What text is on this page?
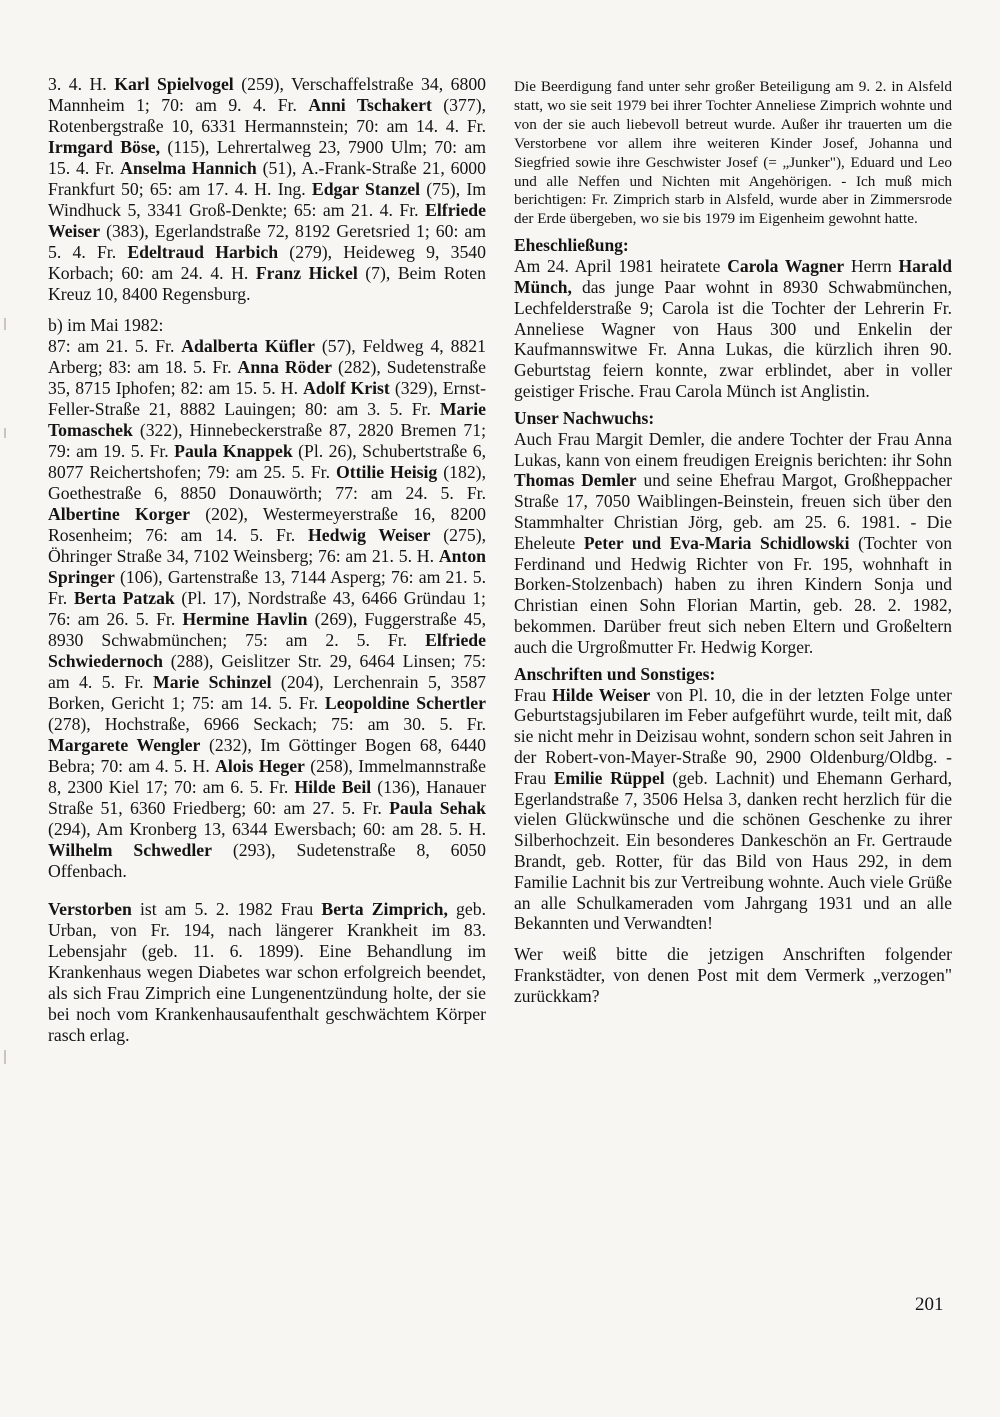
3. 4. H. Karl Spielvogel (259), Verschaffelstraße 34, 6800 Mannheim 1; 70: am 9. 4. Fr. Anni Tschakert (377), Rotenbergstraße 10, 6331 Hermannstein; 70: am 14. 4. Fr. Irmgard Böse, (115), Lehrertalweg 23, 7900 Ulm; 70: am 15. 4. Fr. Anselma Hannich (51), A.-Frank-Straße 21, 6000 Frankfurt 50; 65: am 17. 4. H. Ing. Edgar Stanzel (75), Im Windhuck 5, 3341 Groß-Denkte; 65: am 21. 4. Fr. Elfriede Weiser (383), Egerlandstraße 72, 8192 Geretsried 1; 60: am 5. 4. Fr. Edeltraud Harbich (279), Heideweg 9, 3540 Korbach; 60: am 24. 4. H. Franz Hickel (7), Beim Roten Kreuz 10, 8400 Regensburg.

b) im Mai 1982:

87: am 21. 5. Fr. Adalberta Küfler (57), Feldweg 4, 8821 Arberg; 83: am 18. 5. Fr. Anna Röder (282), Sudetenstraße 35, 8715 Iphofen; 82: am 15. 5. H. Adolf Krist (329), Ernst-Feller-Straße 21, 8882 Lauingen; 80: am 3. 5. Fr. Marie Tomaschek (322), Hinnebeckerstraße 87, 2820 Bremen 71; 79: am 19. 5. Fr. Paula Knappek (Pl. 26), Schubertstraße 6, 8077 Reichertshofen; 79: am 25. 5. Fr. Ottilie Heisig (182), Goethestraße 6, 8850 Donauwörth; 77: am 24. 5. Fr. Albertine Korger (202), Westermeyerstraße 16, 8200 Rosenheim; 76: am 14. 5. Fr. Hedwig Weiser (275), Öhringer Straße 34, 7102 Weinsberg; 76: am 21. 5. H. Anton Springer (106), Gartenstraße 13, 7144 Asperg; 76: am 21. 5. Fr. Berta Patzak (Pl. 17), Nordstraße 43, 6466 Gründau 1; 76: am 26. 5. Fr. Hermine Havlin (269), Fuggerstraße 45, 8930 Schwabmünchen; 75: am 2. 5. Fr. Elfriede Schwiedernoch (288), Geislitzer Str. 29, 6464 Linsen; 75: am 4. 5. Fr. Marie Schinzel (204), Lerchenrain 5, 3587 Borken, Gericht 1; 75: am 14. 5. Fr. Leopoldine Schertler (278), Hochstraße, 6966 Seckach; 75: am 30. 5. Fr. Margarete Wengler (232), Im Göttinger Bogen 68, 6440 Bebra; 70: am 4. 5. H. Alois Heger (258), Immelmannstraße 8, 2300 Kiel 17; 70: am 6. 5. Fr. Hilde Beil (136), Hanauer Straße 51, 6360 Friedberg; 60: am 27. 5. Fr. Paula Sehak (294), Am Kronberg 13, 6344 Ewersbach; 60: am 28. 5. H. Wilhelm Schwedler (293), Sudetenstraße 8, 6050 Offenbach.

Verstorben ist am 5. 2. 1982 Frau Berta Zimprich, geb. Urban, von Fr. 194, nach längerer Krankheit im 83. Lebensjahr (geb. 11. 6. 1899). Eine Behandlung im Krankenhaus wegen Diabetes war schon erfolgreich beendet, als sich Frau Zimprich eine Lungenentzündung holte, der sie bei noch vom Krankenhausaufenthalt geschwächtem Körper rasch erlag.

Die Beerdigung fand unter sehr großer Beteiligung am 9. 2. in Alsfeld statt, wo sie seit 1979 bei ihrer Tochter Anneliese Zimprich wohnte und von der sie auch liebevoll betreut wurde. Außer ihr trauerten um die Verstorbene vor allem ihre weiteren Kinder Josef, Johanna und Siegfried sowie ihre Geschwister Josef (= „Junker"), Eduard und Leo und alle Neffen und Nichten mit Angehörigen. - Ich muß mich berichtigen: Fr. Zimprich starb in Alsfeld, wurde aber in Zimmersrode der Erde übergeben, wo sie bis 1979 im Eigenheim gewohnt hatte.

Eheschließung:

Am 24. April 1981 heiratete Carola Wagner Herrn Harald Münch, das junge Paar wohnt in 8930 Schwabmünchen, Lechfelderstraße 9; Carola ist die Tochter der Lehrerin Fr. Anneliese Wagner von Haus 300 und Enkelin der Kaufmannswitwe Fr. Anna Lukas, die kürzlich ihren 90. Geburtstag feiern konnte, zwar erblindet, aber in voller geistiger Frische. Frau Carola Münch ist Anglistin.

Unser Nachwuchs:

Auch Frau Margit Demler, die andere Tochter der Frau Anna Lukas, kann von einem freudigen Ereignis berichten: ihr Sohn Thomas Demler und seine Ehefrau Margot, Großheppacher Straße 17, 7050 Waiblingen-Beinstein, freuen sich über den Stammhalter Christian Jörg, geb. am 25. 6. 1981. - Die Eheleute Peter und Eva-Maria Schidlowski (Tochter von Ferdinand und Hedwig Richter von Fr. 195, wohnhaft in Borken-Stolzenbach) haben zu ihren Kindern Sonja und Christian einen Sohn Florian Martin, geb. 28. 2. 1982, bekommen. Darüber freut sich neben Eltern und Großeltern auch die Urgroßmutter Fr. Hedwig Korger.

Anschriften und Sonstiges:

Frau Hilde Weiser von Pl. 10, die in der letzten Folge unter Geburtstagsjubilaren im Feber aufgeführt wurde, teilt mit, daß sie nicht mehr in Deizisau wohnt, sondern schon seit Jahren in der Robert-von-Mayer-Straße 90, 2900 Oldenburg/Oldbg. - Frau Emilie Rüppel (geb. Lachnit) und Ehemann Gerhard, Egerlandstraße 7, 3506 Helsa 3, danken recht herzlich für die vielen Glückwünsche und die schönen Geschenke zu ihrer Silberhochzeit. Ein besonderes Dankeschön an Fr. Gertraude Brandt, geb. Rotter, für das Bild von Haus 292, in dem Familie Lachnit bis zur Vertreibung wohnte. Auch viele Grüße an alle Schulkameraden vom Jahrgang 1931 und an alle Bekannten und Verwandten!

Wer weiß bitte die jetzigen Anschriften folgender Frankstädter, von denen Post mit dem Vermerk „verzogen" zurückkam?

201
